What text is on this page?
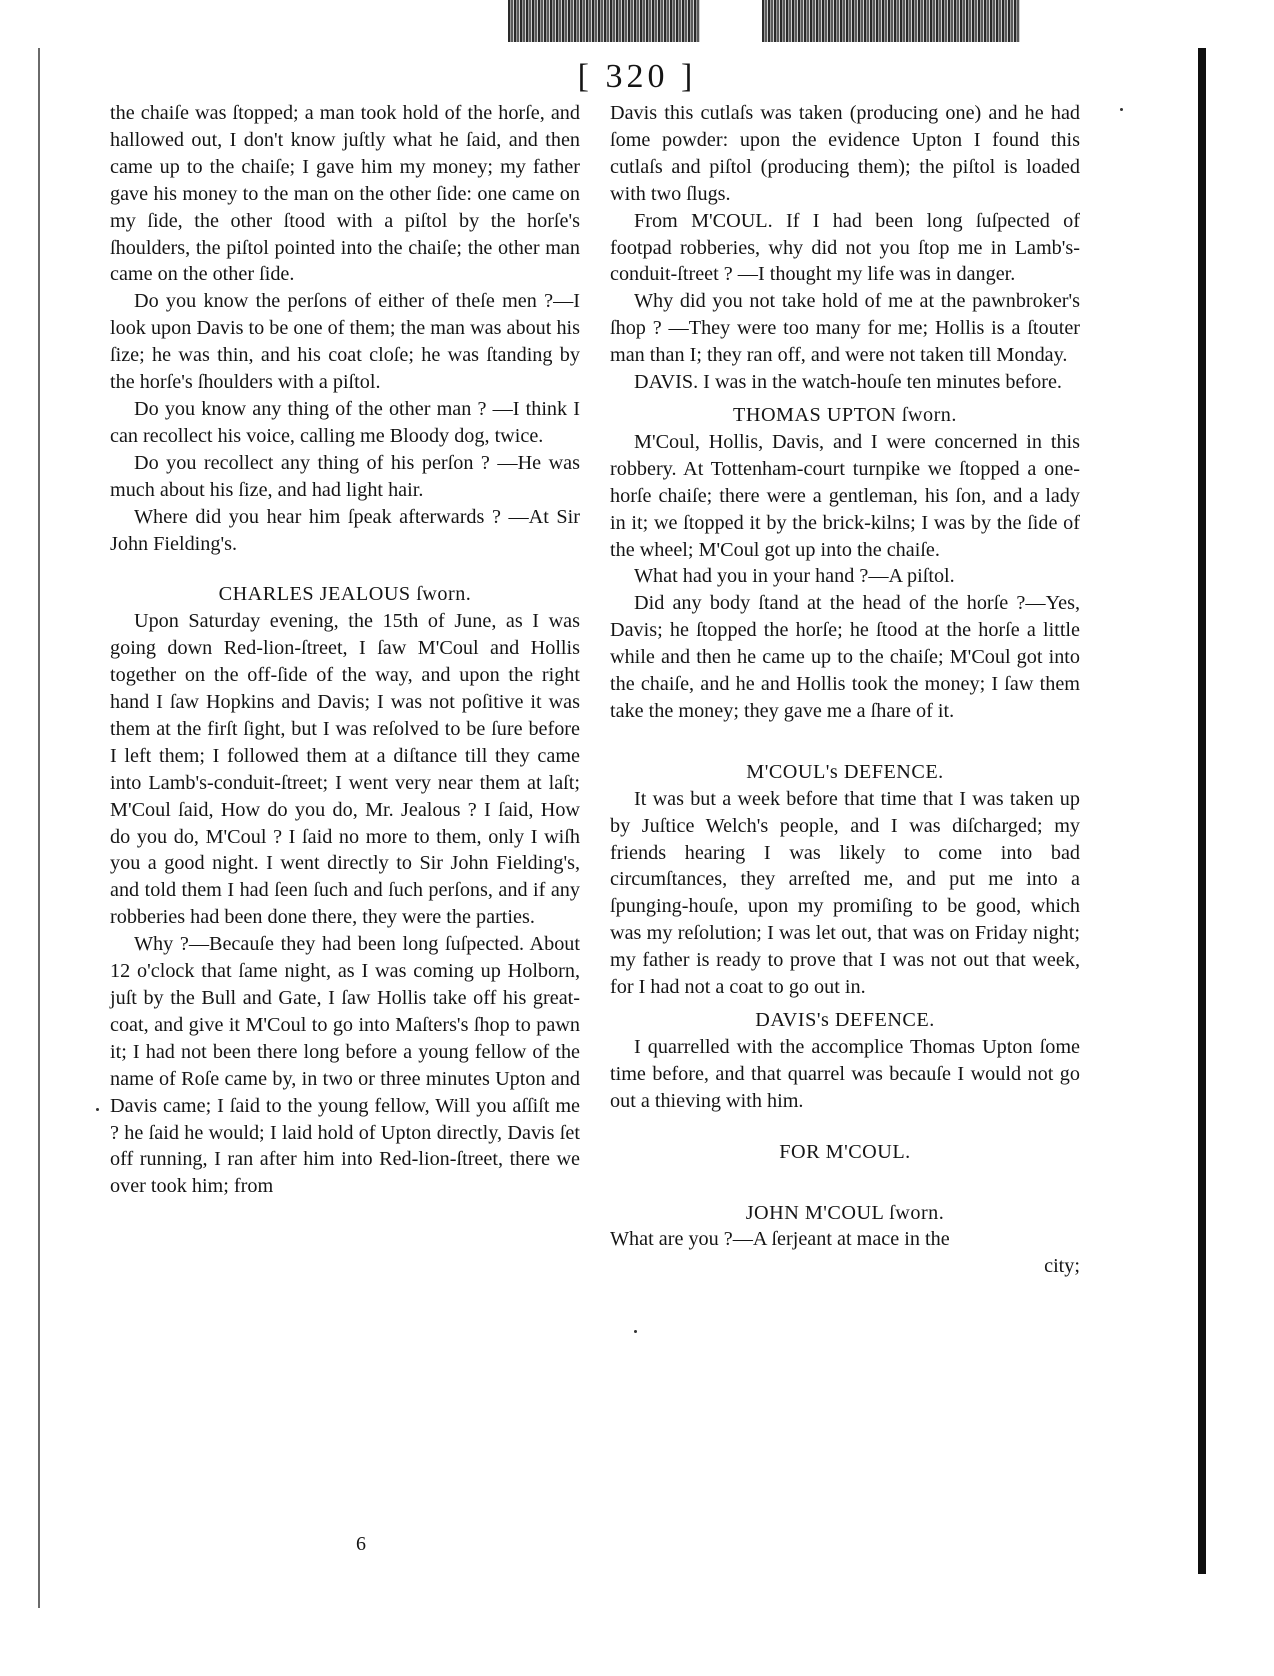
[ 320 ]

the chaiſe was ſtopped; a man took hold of the horſe, and hallowed out, I don't know juſtly what he ſaid, and then came up to the chaiſe; I gave him my money; my father gave his money to the man on the other ſide: one came on my ſide, the other ſtood with a piſtol by the horſe's ſhoulders, the piſtol pointed into the chaiſe; the other man came on the other ſide.

Do you know the perſons of either of theſe men ?—I look upon Davis to be one of them; the man was about his ſize; he was thin, and his coat cloſe; he was ſtanding by the horſe's ſhoulders with a piſtol.

Do you know any thing of the other man ? —I think I can recollect his voice, calling me Bloody dog, twice.

Do you recollect any thing of his perſon ? —He was much about his ſize, and had light hair.

Where did you hear him ſpeak afterwards ? —At Sir John Fielding's.

CHARLES JEALOUS ſworn.

Upon Saturday evening, the 15th of June, as I was going down Red-lion-ſtreet, I ſaw M'Coul and Hollis together on the off-ſide of the way, and upon the right hand I ſaw Hopkins and Davis; I was not poſitive it was them at the firſt ſight, but I was reſolved to be ſure before I left them; I followed them at a diſtance till they came into Lamb's-conduit-ſtreet; I went very near them at laſt; M'Coul ſaid, How do you do, Mr. Jealous ? I ſaid, How do you do, M'Coul ? I ſaid no more to them, only I wiſh you a good night. I went directly to Sir John Fielding's, and told them I had ſeen ſuch and ſuch perſons, and if any robberies had been done there, they were the parties.

Why ?—Becauſe they had been long ſuſpected. About 12 o'clock that ſame night, as I was coming up Holborn, juſt by the Bull and Gate, I ſaw Hollis take off his great-coat, and give it M'Coul to go into Maſters's ſhop to pawn it; I had not been there long before a young fellow of the name of Roſe came by, in two or three minutes Upton and Davis came; I ſaid to the young fellow, Will you aſſiſt me ? he ſaid he would; I laid hold of Upton directly, Davis ſet off running, I ran after him into Red-lion-ſtreet, there we over took him; from

Davis this cutlaſs was taken (producing one) and he had ſome powder: upon the evidence Upton I found this cutlaſs and piſtol (producing them); the piſtol is loaded with two ſlugs.

From M'COUL. If I had been long ſuſpected of footpad robberies, why did not you ſtop me in Lamb's-conduit-ſtreet ? —I thought my life was in danger.

Why did you not take hold of me at the pawnbroker's ſhop ? —They were too many for me; Hollis is a ſtouter man than I; they ran off, and were not taken till Monday.

DAVIS. I was in the watch-houſe ten minutes before.

THOMAS UPTON ſworn.

M'Coul, Hollis, Davis, and I were concerned in this robbery. At Tottenham-court turnpike we ſtopped a one-horſe chaiſe; there were a gentleman, his ſon, and a lady in it; we ſtopped it by the brick-kilns; I was by the ſide of the wheel; M'Coul got up into the chaiſe.

What had you in your hand ?—A piſtol.

Did any body ſtand at the head of the horſe ?—Yes, Davis; he ſtopped the horſe; he ſtood at the horſe a little while and then he came up to the chaiſe; M'Coul got into the chaiſe, and he and Hollis took the money; I ſaw them take the money; they gave me a ſhare of it.

M'COUL's DEFENCE.

It was but a week before that time that I was taken up by Juſtice Welch's people, and I was diſcharged; my friends hearing I was likely to come into bad circumſtances, they arreſted me, and put me into a ſpunging-houſe, upon my promiſing to be good, which was my reſolution; I was let out, that was on Friday night; my father is ready to prove that I was not out that week, for I had not a coat to go out in.

DAVIS's DEFENCE.

I quarrelled with the accomplice Thomas Upton ſome time before, and that quarrel was becauſe I would not go out a thieving with him.

FOR M'COUL.
JOHN M'COUL ſworn.

What are you ?—A ſerjeant at mace in the

city;

6
